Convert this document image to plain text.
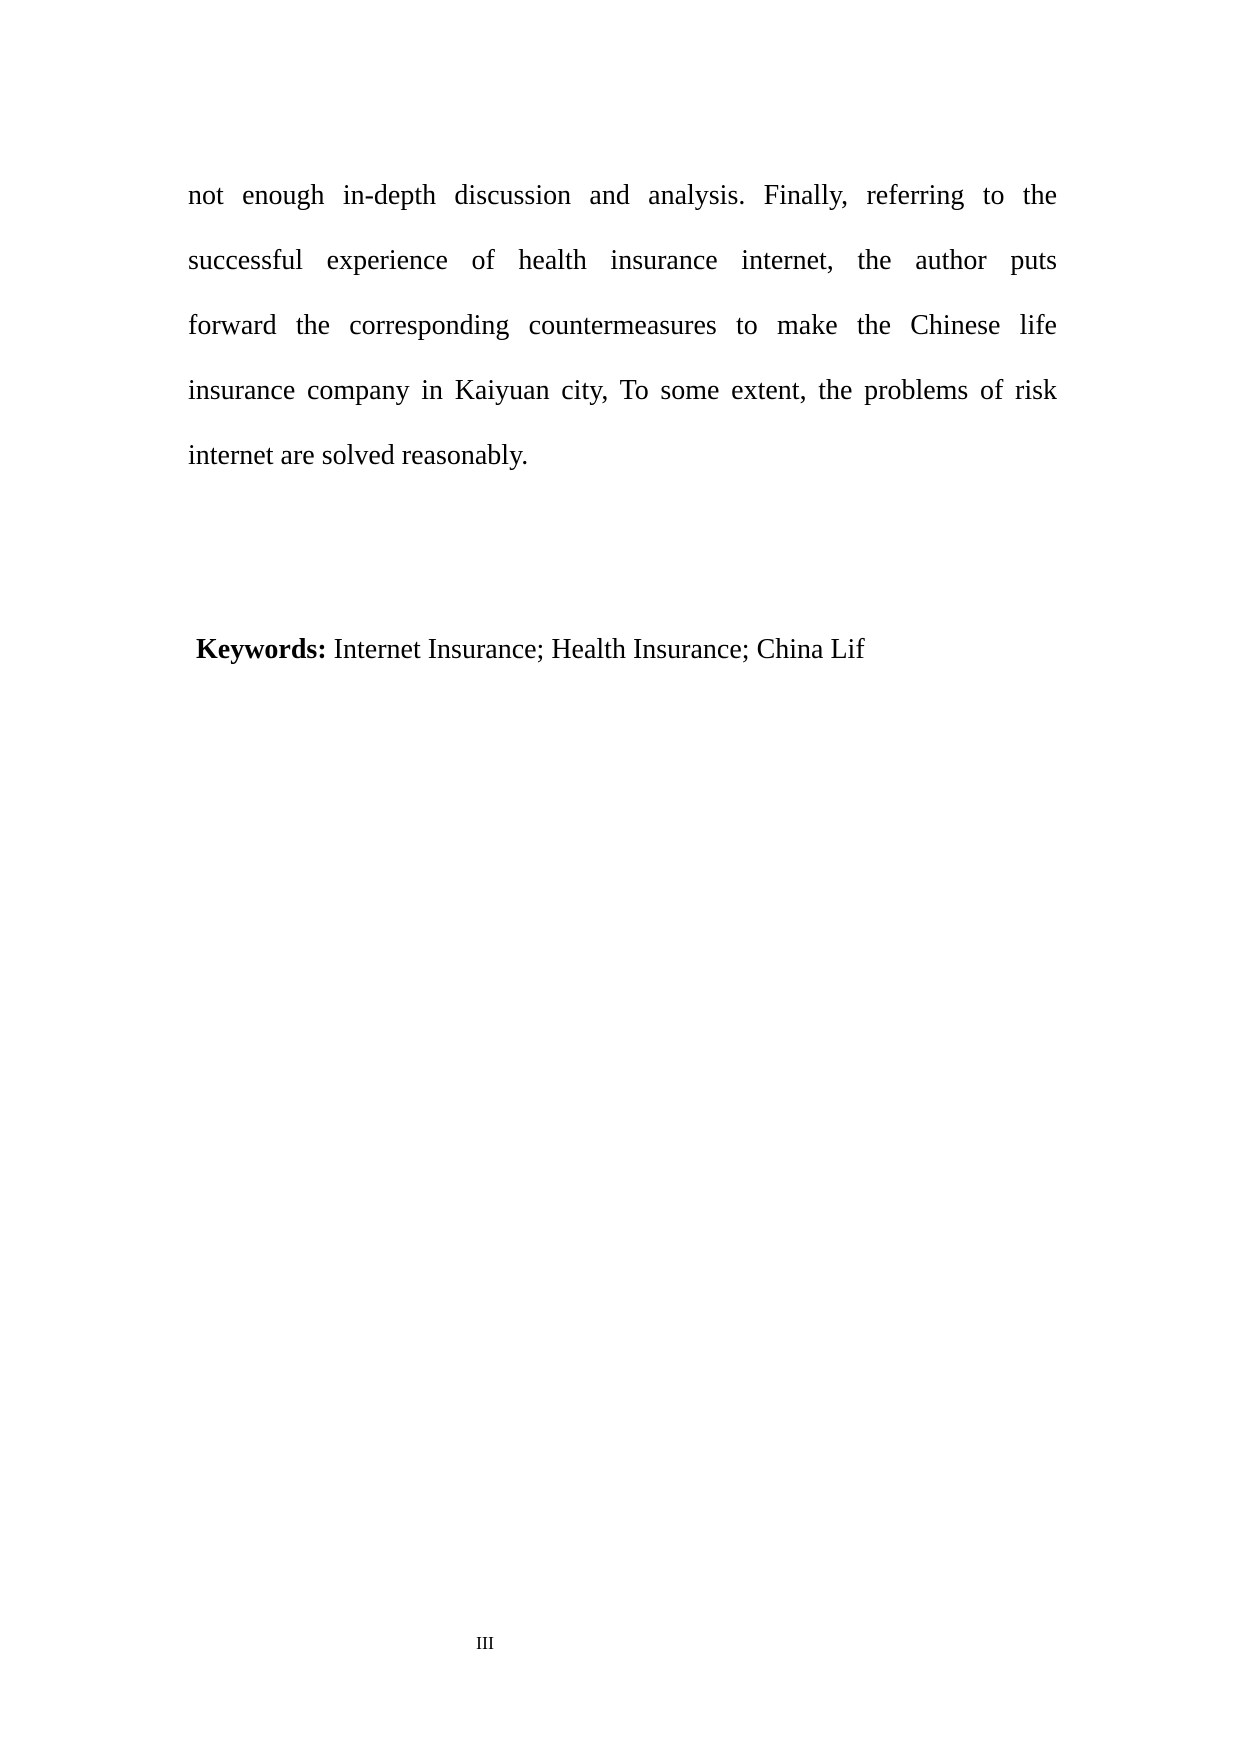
not enough in-depth discussion and analysis. Finally, referring to the
successful experience of health insurance internet, the author puts
forward the corresponding countermeasures to make the Chinese life
insurance company in Kaiyuan city, To some extent, the problems of risk
internet are solved reasonably.
Keywords: Internet Insurance; Health Insurance; China Lif
III
